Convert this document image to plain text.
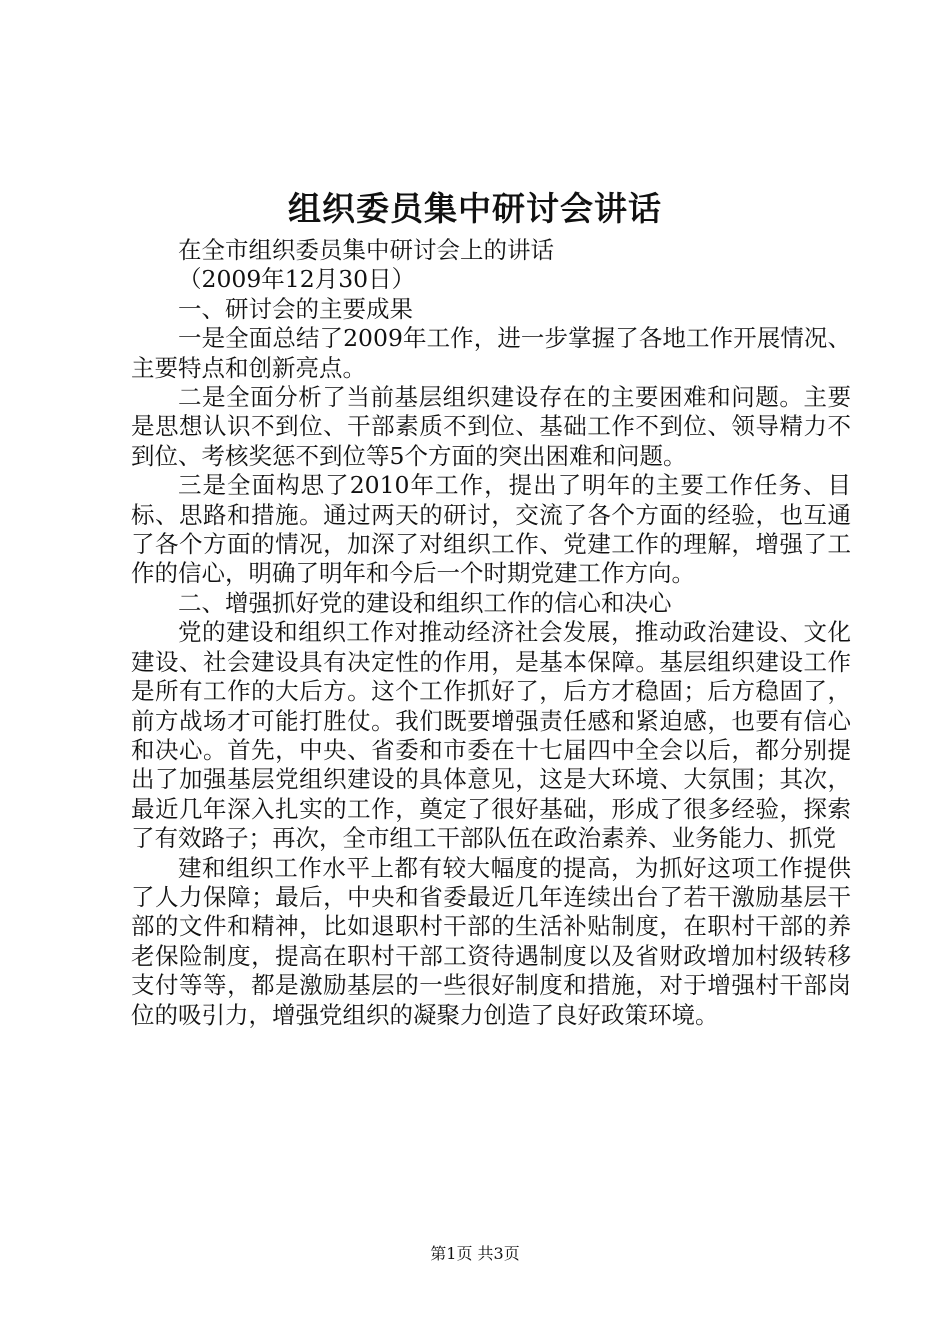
组织委员集中研讨会讲话

在全市组织委员集中研讨会上的讲话

（2009年12月30日）

一、研讨会的主要成果

一是全面总结了2009年工作，进一步掌握了各地工作开展情况、主要特点和创新亮点。

二是全面分析了当前基层组织建设存在的主要困难和问题。主要是思想认识不到位、干部素质不到位、基础工作不到位、领导精力不到位、考核奖惩不到位等5个方面的突出困难和问题。

三是全面构思了2010年工作，提出了明年的主要工作任务、目标、思路和措施。通过两天的研讨，交流了各个方面的经验，也互通了各个方面的情况，加深了对组织工作、党建工作的理解，增强了工作的信心，明确了明年和今后一个时期党建工作方向。

二、增强抓好党的建设和组织工作的信心和决心

党的建设和组织工作对推动经济社会发展，推动政治建设、文化建设、社会建设具有决定性的作用，是基本保障。基层组织建设工作是所有工作的大后方。这个工作抓好了，后方才稳固；后方稳固了，前方战场才可能打胜仗。我们既要增强责任感和紧迫感，也要有信心和决心。首先，中央、省委和市委在十七届四中全会以后，都分别提出了加强基层党组织建设的具体意见，这是大环境、大氛围；其次，最近几年深入扎实的工作，奠定了很好基础，形成了很多经验，探索了有效路子；再次，全市组工干部队伍在政治素养、业务能力、抓党

建和组织工作水平上都有较大幅度的提高，为抓好这项工作提供了人力保障；最后，中央和省委最近几年连续出台了若干激励基层干部的文件和精神，比如退职村干部的生活补贴制度，在职村干部的养老保险制度，提高在职村干部工资待遇制度以及省财政增加村级转移支付等等，都是激励基层的一些很好制度和措施，对于增强村干部岗位的吸引力，增强党组织的凝聚力创造了良好政策环境。

第1页 共3页
